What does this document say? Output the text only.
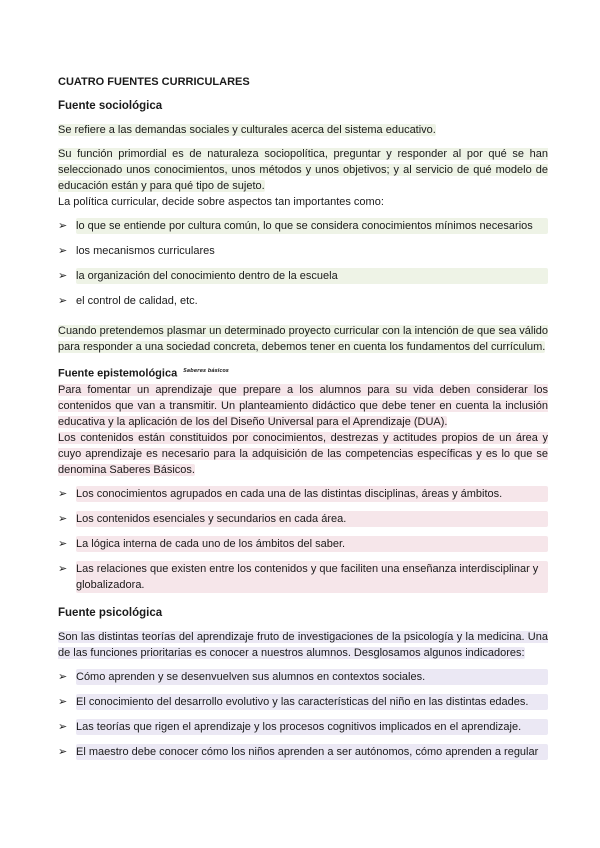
CUATRO FUENTES CURRICULARES
Fuente sociológica
Se refiere a las demandas sociales y culturales acerca del sistema educativo.
Su función primordial es de naturaleza sociopolítica, preguntar y responder al por qué se han seleccionado unos conocimientos, unos métodos y unos objetivos; y al servicio de qué modelo de educación están y para qué tipo de sujeto.
La política curricular, decide sobre aspectos tan importantes como:
➢ lo que se entiende por cultura común, lo que se considera conocimientos mínimos necesarios
➢ los mecanismos curriculares
➢ la organización del conocimiento dentro de la escuela
➢ el control de calidad, etc.
Cuando pretendemos plasmar un determinado proyecto curricular con la intención de que sea válido para responder a una sociedad concreta, debemos tener en cuenta los fundamentos del currículum.
Fuente epistemológica $^{Saberes básicos}$
Para fomentar un aprendizaje que prepare a los alumnos para su vida deben considerar los contenidos que van a transmitir. Un planteamiento didáctico que debe tener en cuenta la inclusión educativa y la aplicación de los del Diseño Universal para el Aprendizaje (DUA).
Los contenidos están constituidos por conocimientos, destrezas y actitudes propios de un área y cuyo aprendizaje es necesario para la adquisición de las competencias específicas y es lo que se denomina Saberes Básicos.
➢ Los conocimientos agrupados en cada una de las distintas disciplinas, áreas y ámbitos.
➢ Los contenidos esenciales y secundarios en cada área.
➢ La lógica interna de cada uno de los ámbitos del saber.
➢ Las relaciones que existen entre los contenidos y que faciliten una enseñanza interdisciplinar y globalizadora.
Fuente psicológica
Son las distintas teorías del aprendizaje fruto de investigaciones de la psicología y la medicina. Una de las funciones prioritarias es conocer a nuestros alumnos. Desglosamos algunos indicadores:
➢ Cómo aprenden y se desenvuelven sus alumnos en contextos sociales.
➢ El conocimiento del desarrollo evolutivo y las características del niño en las distintas edades.
➢ Las teorías que rigen el aprendizaje y los procesos cognitivos implicados en el aprendizaje.
➢ El maestro debe conocer cómo los niños aprenden a ser autónomos, cómo aprenden a regular
